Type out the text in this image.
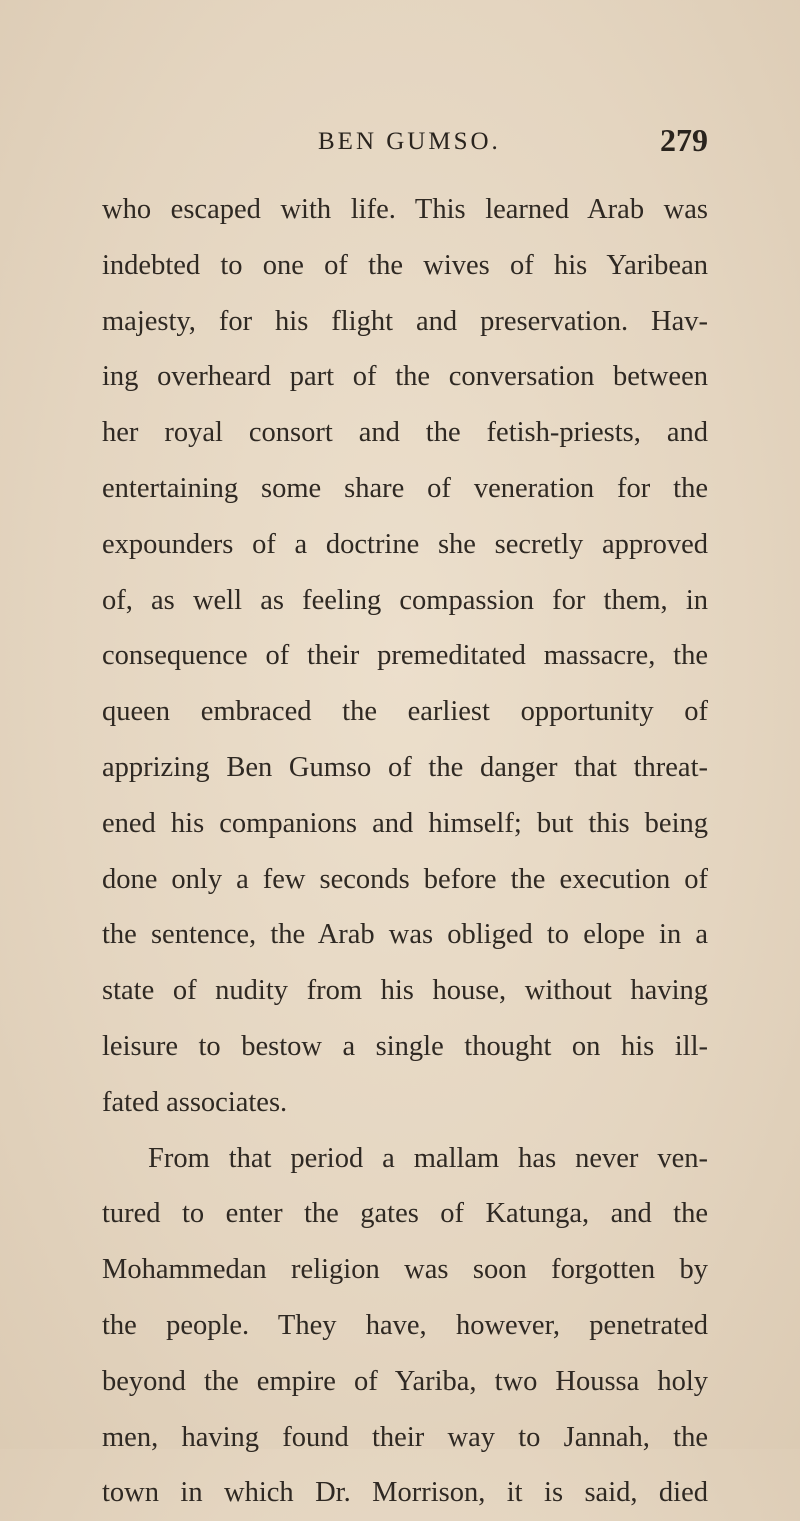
BEN GUMSO.	279
who escaped with life. This learned Arab was
indebted to one of the wives of his Yaribean
majesty, for his flight and preservation. Hav-
ing overheard part of the conversation between
her royal consort and the fetish-priests, and
entertaining some share of veneration for the
expounders of a doctrine she secretly approved
of, as well as feeling compassion for them, in
consequence of their premeditated massacre, the
queen embraced the earliest opportunity of
apprizing Ben Gumso of the danger that threat-
ened his companions and himself; but this being
done only a few seconds before the execution of
the sentence, the Arab was obliged to elope in a
state of nudity from his house, without having
leisure to bestow a single thought on his ill-
fated associates.
From that period a mallam has never ven-
tured to enter the gates of Katunga, and the
Mohammedan religion was soon forgotten by
the people. They have, however, penetrated
beyond the empire of Yariba, two Houssa holy
men, having found their way to Jannah, the
town in which Dr. Morrison, it is said, died
